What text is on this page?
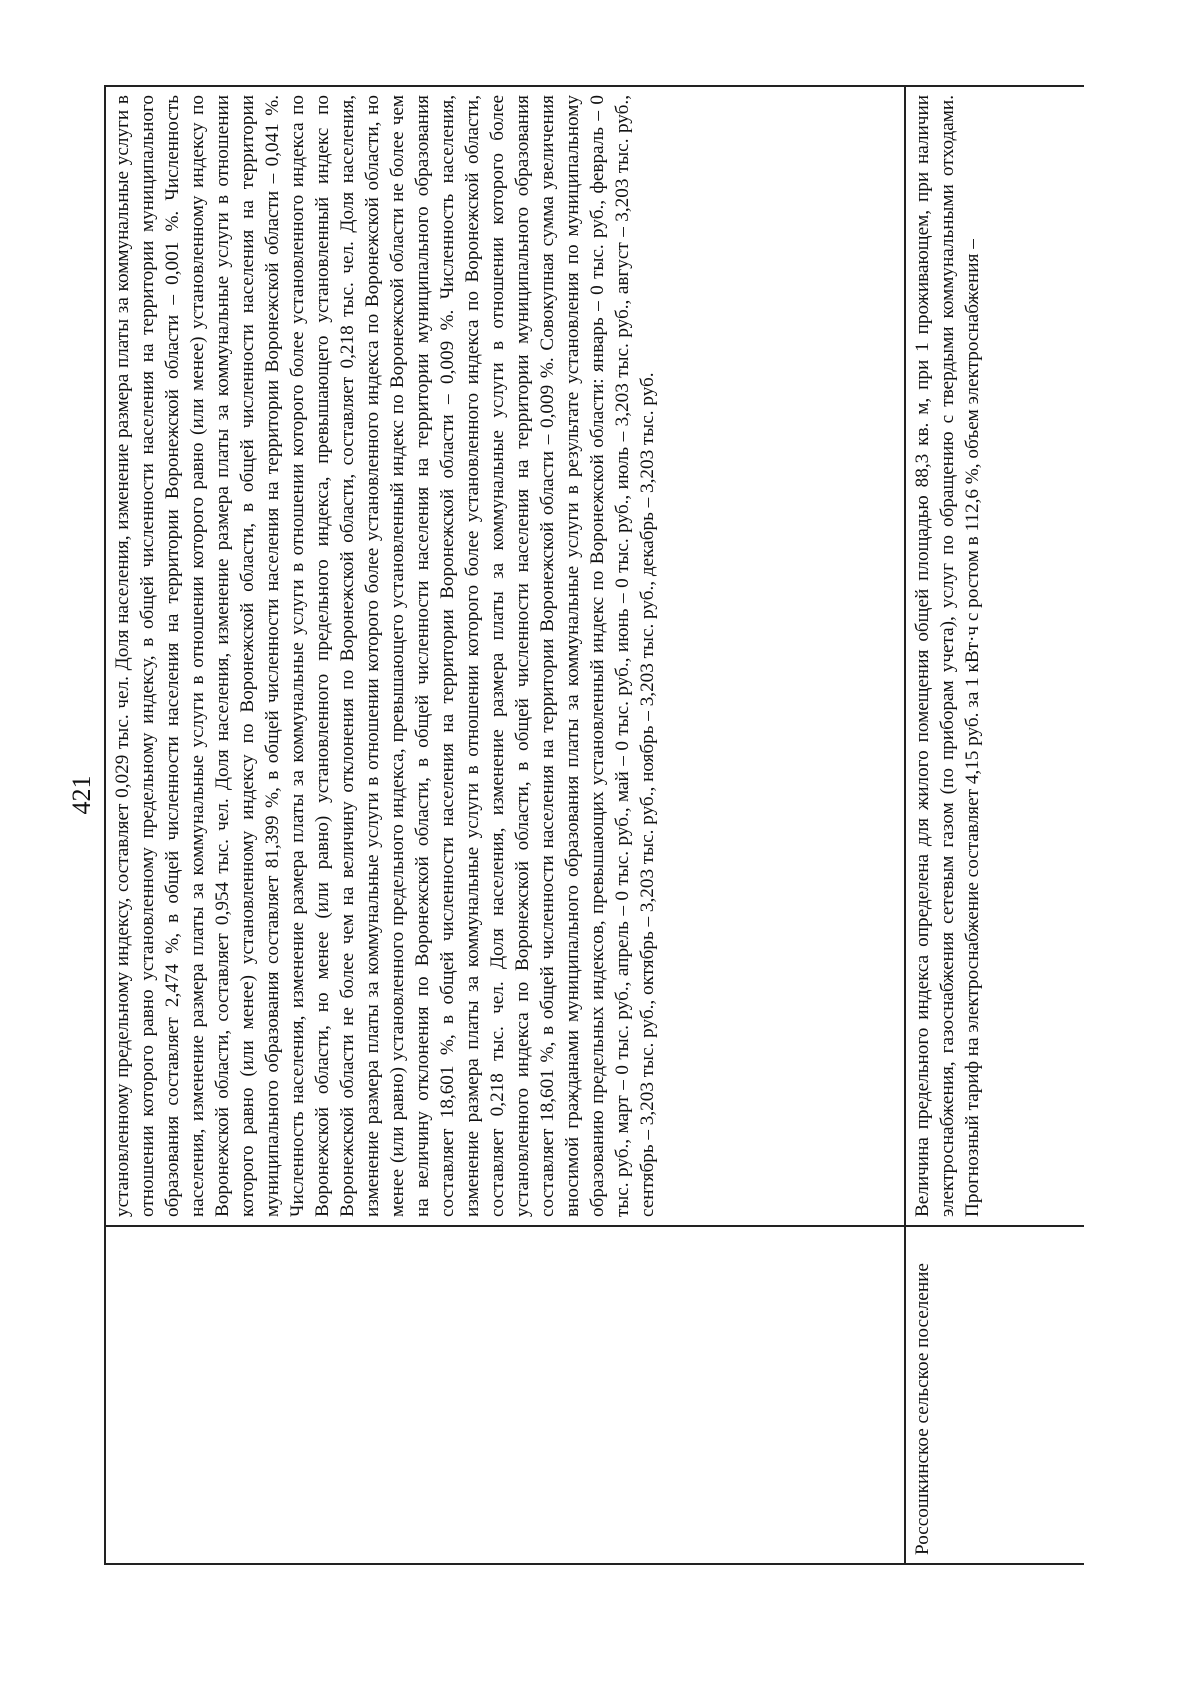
421

	установленному предельному индексу, составляет 0,029 тыс. чел. Доля населения, изменение размера платы за коммунальные услуги в отношении которого равно установленному предельному индексу, в общей численности населения на территории муниципального образования составляет 2,474 %, в общей численности населения на территории Воронежской области – 0,001 %. Численность населения, изменение размера платы за коммунальные услуги в отношении которого равно (или менее) установленному индексу по Воронежской области, составляет 0,954 тыс. чел. Доля населения, изменение размера платы за коммунальные услуги в отношении которого равно (или менее) установленному индексу по Воронежской области, в общей численности населения на территории муниципального образования составляет 81,399 %, в общей численности населения на территории Воронежской области – 0,041 %. Численность населения, изменение размера платы за коммунальные услуги в отношении которого более установленного индекса по Воронежской области, но менее (или равно) установленного предельного индекса, превышающего установленный индекс по Воронежской области не более чем на величину отклонения по Воронежской области, составляет 0,218 тыс. чел. Доля населения, изменение размера платы за коммунальные услуги в отношении которого более установленного индекса по Воронежской области, но менее (или равно) установленного предельного индекса, превышающего установленный индекс по Воронежской области не более чем на величину отклонения по Воронежской области, в общей численности населения на территории муниципального образования составляет 18,601 %, в общей численности населения на территории Воронежской области – 0,009 %. Численность населения, изменение размера платы за коммунальные услуги в отношении которого более установленного индекса по Воронежской области, составляет 0,218 тыс. чел. Доля населения, изменение размера платы за коммунальные услуги в отношении которого более установленного индекса по Воронежской области, в общей численности населения на территории муниципального образования составляет 18,601 %, в общей численности населения на территории Воронежской области – 0,009 %. Совокупная сумма увеличения вносимой гражданами муниципального образования платы за коммунальные услуги в результате установления по муниципальному образованию предельных индексов, превышающих установленный индекс по Воронежской области: январь – 0 тыс. руб., февраль – 0 тыс. руб., март – 0 тыс. руб., апрель – 0 тыс. руб., май – 0 тыс. руб., июнь – 0 тыс. руб., июль – 3,203 тыс. руб., август – 3,203 тыс. руб., сентябрь – 3,203 тыс. руб., октябрь – 3,203 тыс. руб., ноябрь – 3,203 тыс. руб., декабрь – 3,203 тыс. руб.

Россошкинское сельское поселение	Величина предельного индекса определена для жилого помещения общей площадью 88,3 кв. м, при 1 проживающем, при наличии электроснабжения, газоснабжения сетевым газом (по приборам учета), услуг по обращению с твердыми коммунальными отходами. Прогнозный тариф на электроснабжение составляет 4,15 руб. за 1 кВт·ч с ростом в 112,6 %, объем электроснабжения –
